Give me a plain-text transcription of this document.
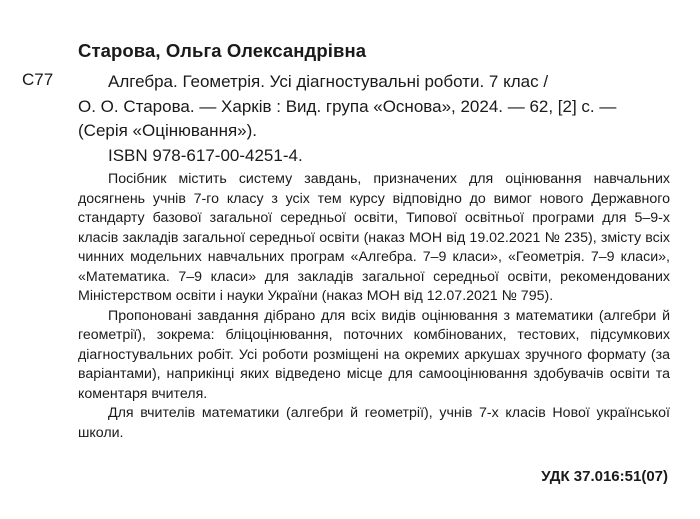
Старова, Ольга Олександрівна
С77	Алгебра. Геометрія. Усі діагностувальні роботи. 7 клас /
О. О. Старова. — Харків : Вид. група «Основа», 2024. — 62, [2] с. —
(Серія «Оцінювання»).
ISBN 978-617-00-4251-4.

Посібник містить систему завдань, призначених для оцінювання навчальних досягнень учнів 7-го класу з усіх тем курсу відповідно до вимог нового Державного стандарту базової загальної середньої освіти, Типової освітньої програми для 5–9-х класів закладів загальної середньої освіти (наказ МОН від 19.02.2021 № 235), змісту всіх чинних модельних навчальних програм «Алгебра. 7–9 класи», «Геометрія. 7–9 класи», «Математика. 7–9 класи» для закладів загальної середньої освіти, рекомендованих Міністерством освіти і науки України (наказ МОН від 12.07.2021 № 795).

Пропоновані завдання дібрано для всіх видів оцінювання з математики (алгебри й геометрії), зокрема: бліцоцінювання, поточних комбінованих, тестових, підсумкових діагностувальних робіт. Усі роботи розміщені на окремих аркушах зручного формату (за варіантами), наприкінці яких відведено місце для самооцінювання здобувачів освіти та коментаря вчителя.

Для вчителів математики (алгебри й геометрії), учнів 7-х класів Нової української школи.

УДК 37.016:51(07)
